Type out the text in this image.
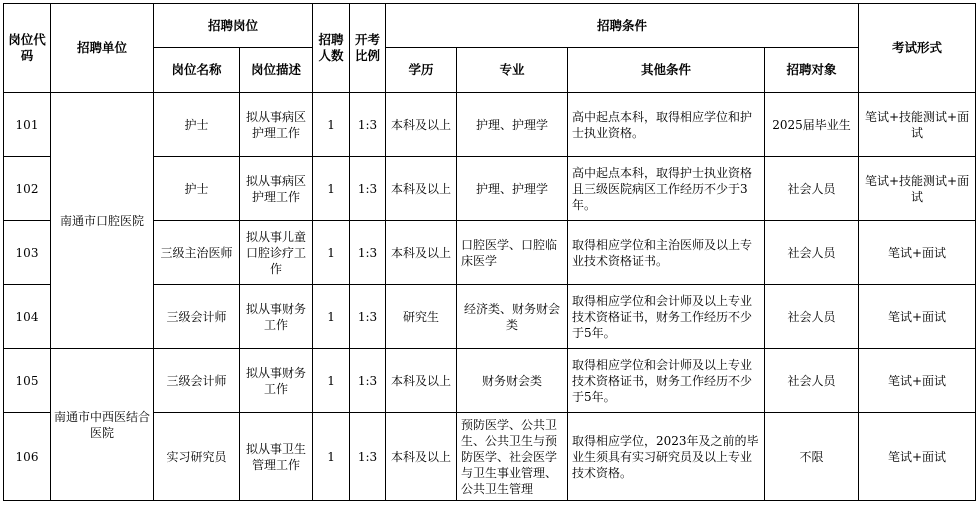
岗位代码	招聘单位	招聘岗位		招聘人数	开考比例	招聘条件				考试形式
		岗位名称	岗位描述			学历	专业	其他条件	招聘对象	
101	南通市口腔医院	护士	拟从事病区护理工作	1	1:3	本科及以上	护理、护理学	高中起点本科，取得相应学位和护士执业资格。	2025届毕业生	笔试+技能测试+面试
102		护士	拟从事病区护理工作	1	1:3	本科及以上	护理、护理学	高中起点本科，取得护士执业资格且三级医院病区工作经历不少于3年。	社会人员	笔试+技能测试+面试
103		三级主治医师	拟从事儿童口腔诊疗工作	1	1:3	本科及以上	口腔医学、口腔临床医学	取得相应学位和主治医师及以上专业技术资格证书。	社会人员	笔试+面试
104		三级会计师	拟从事财务工作	1	1:3	研究生	经济类、财务财会类	取得相应学位和会计师及以上专业技术资格证书，财务工作经历不少于5年。	社会人员	笔试+面试
105	南通市中西医结合医院	三级会计师	拟从事财务工作	1	1:3	本科及以上	财务财会类	取得相应学位和会计师及以上专业技术资格证书，财务工作经历不少于5年。	社会人员	笔试+面试
106		实习研究员	拟从事卫生管理工作	1	1:3	本科及以上	预防医学、公共卫生、公共卫生与预防医学、社会医学与卫生事业管理、公共卫生管理	取得相应学位，2023年及之前的毕业生须具有实习研究员及以上专业技术资格。	不限	笔试+面试
